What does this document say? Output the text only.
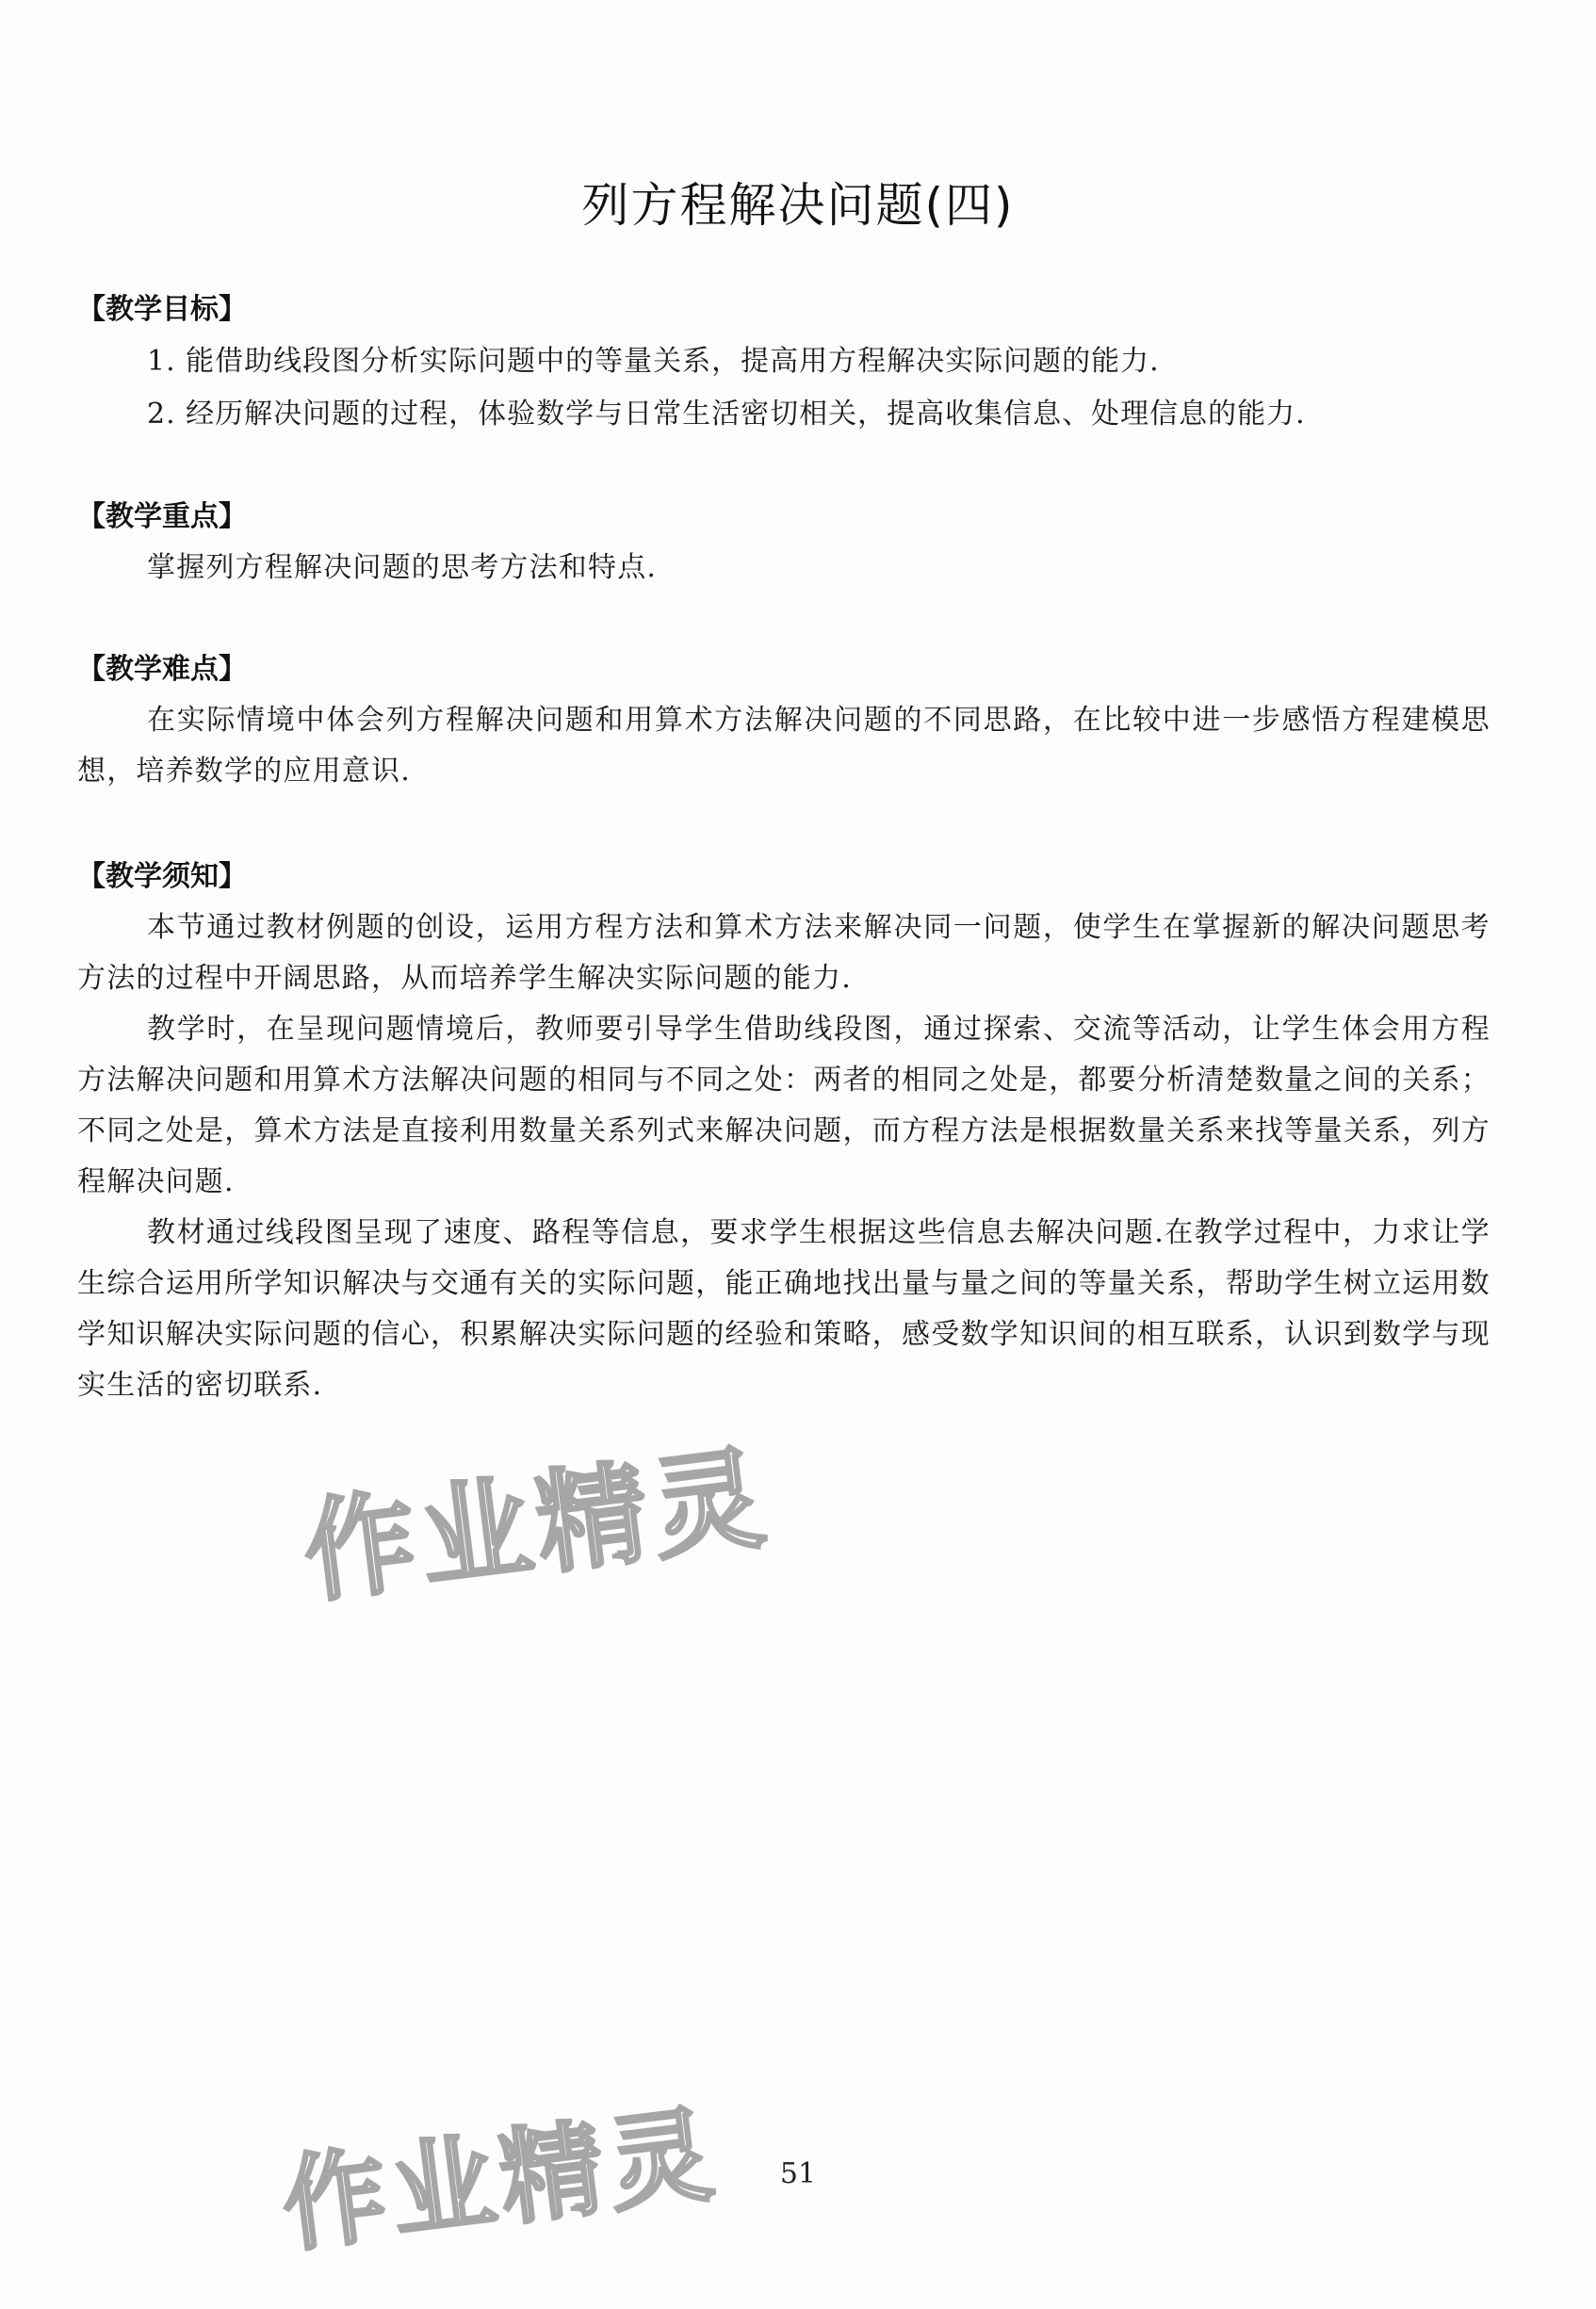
列方程解决问题(四)
【教学目标】

1. 能借助线段图分析实际问题中的等量关系，提高用方程解决实际问题的能力.

2. 经历解决问题的过程，体验数学与日常生活密切相关，提高收集信息、处理信息的能力.

【教学重点】

掌握列方程解决问题的思考方法和特点.

【教学难点】

在实际情境中体会列方程解决问题和用算术方法解决问题的不同思路，在比较中进一步感悟方程建模思想，培养数学的应用意识.

【教学须知】

本节通过教材例题的创设，运用方程方法和算术方法来解决同一问题，使学生在掌握新的解决问题思考方法的过程中开阔思路，从而培养学生解决实际问题的能力.

教学时，在呈现问题情境后，教师要引导学生借助线段图，通过探索、交流等活动，让学生体会用方程方法解决问题和用算术方法解决问题的相同与不同之处：两者的相同之处是，都要分析清楚数量之间的关系；不同之处是，算术方法是直接利用数量关系列式来解决问题，而方程方法是根据数量关系来找等量关系，列方程解决问题.

教材通过线段图呈现了速度、路程等信息，要求学生根据这些信息去解决问题.在教学过程中，力求让学生综合运用所学知识解决与交通有关的实际问题，能正确地找出量与量之间的等量关系，帮助学生树立运用数学知识解决实际问题的信心，积累解决实际问题的经验和策略，感受数学知识间的相互联系，认识到数学与现实生活的密切联系.

作业精灵
作业精灵	51
